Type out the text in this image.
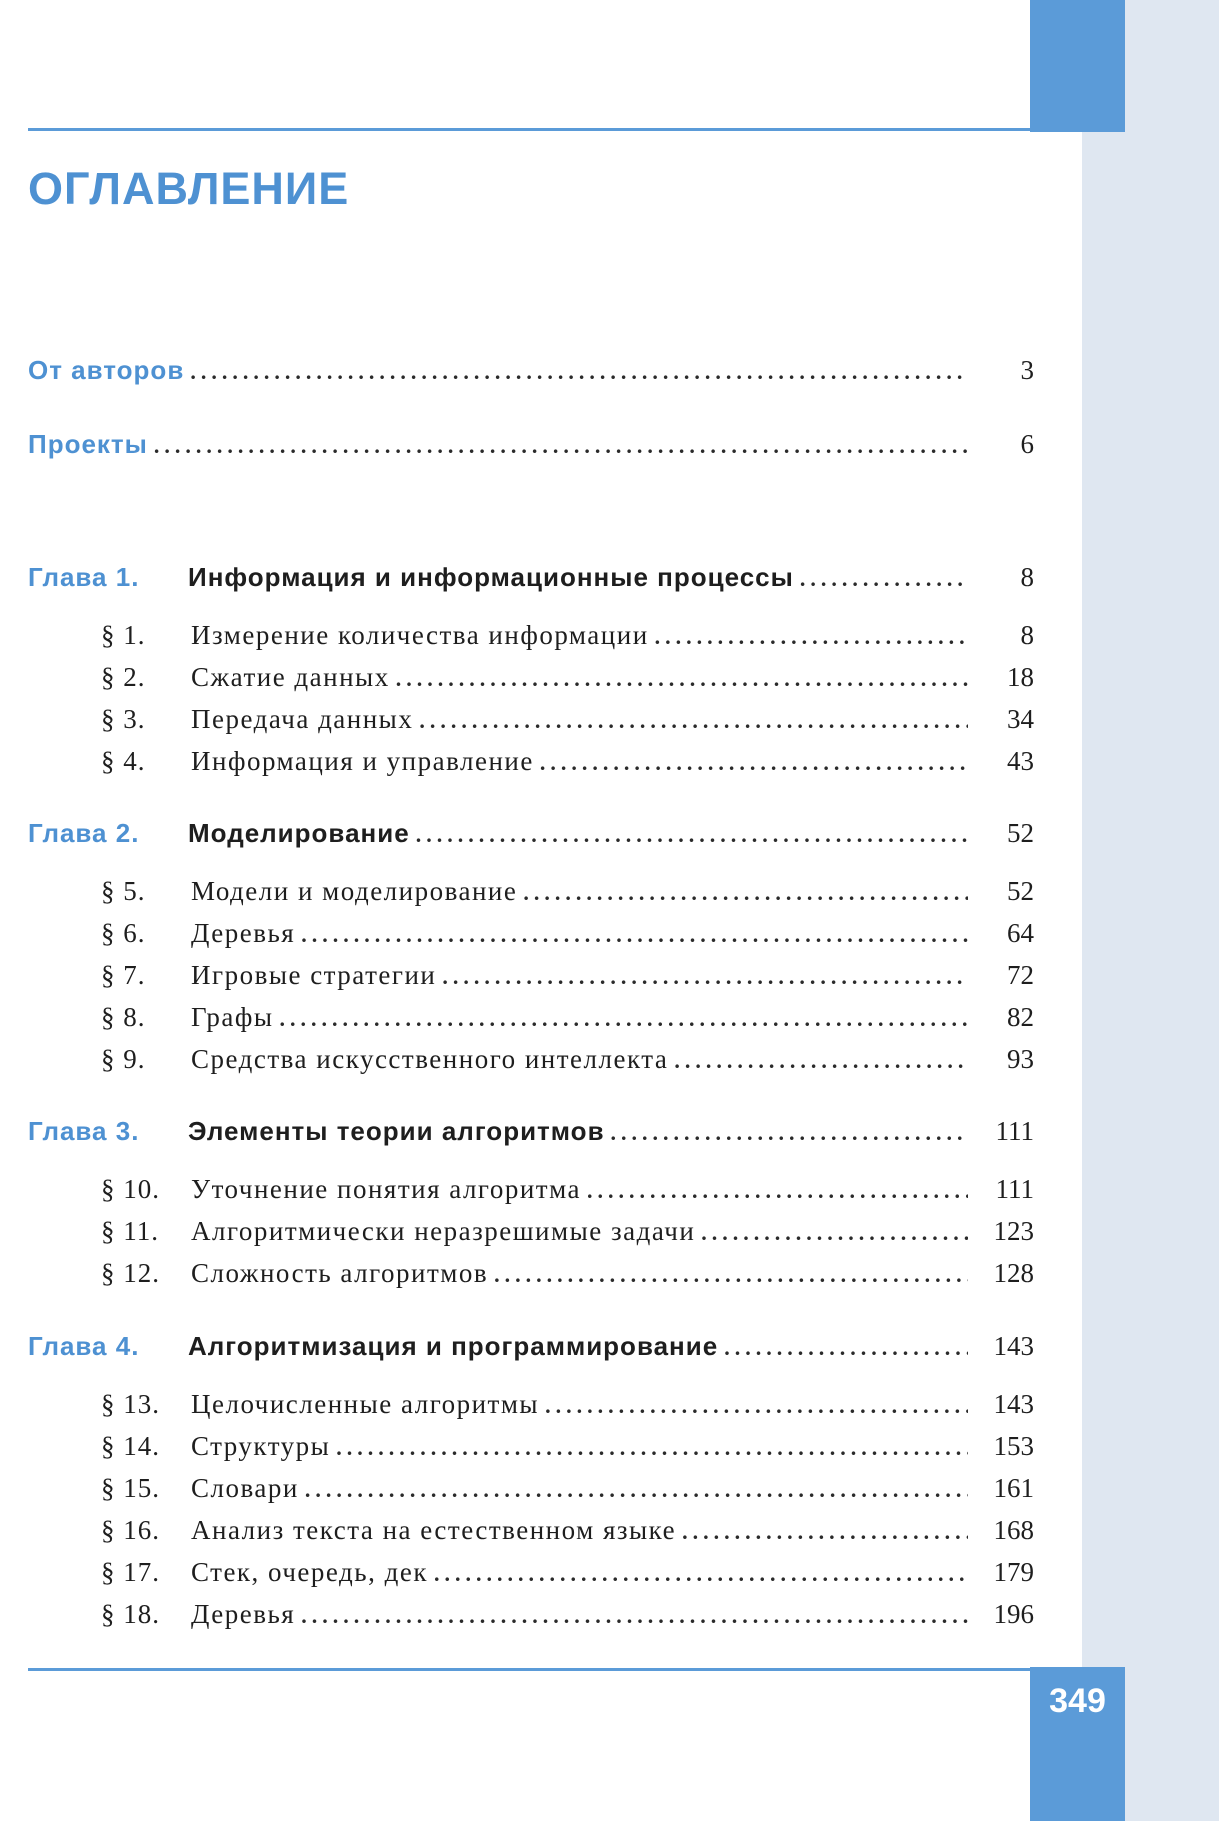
ОГЛАВЛЕНИЕ
От авторов .....	3
Проекты .....	6
Глава 1.	Информация и информационные процессы .....	8
§ 1.	Измерение количества информации .....	8
§ 2.	Сжатие данных .....	18
§ 3.	Передача данных .....	34
§ 4.	Информация и управление .....	43
Глава 2.	Моделирование .....	52
§ 5.	Модели и моделирование .....	52
§ 6.	Деревья .....	64
§ 7.	Игровые стратегии .....	72
§ 8.	Графы .....	82
§ 9.	Средства искусственного интеллекта .....	93
Глава 3.	Элементы теории алгоритмов .....	111
§ 10.	Уточнение понятия алгоритма .....	111
§ 11.	Алгоритмически неразрешимые задачи .....	123
§ 12.	Сложность алгоритмов .....	128
Глава 4.	Алгоритмизация и программирование .....	143
§ 13.	Целочисленные алгоритмы .....	143
§ 14.	Структуры .....	153
§ 15.	Словари .....	161
§ 16.	Анализ текста на естественном языке .....	168
§ 17.	Стек, очередь, дек .....	179
§ 18.	Деревья .....	196
349
